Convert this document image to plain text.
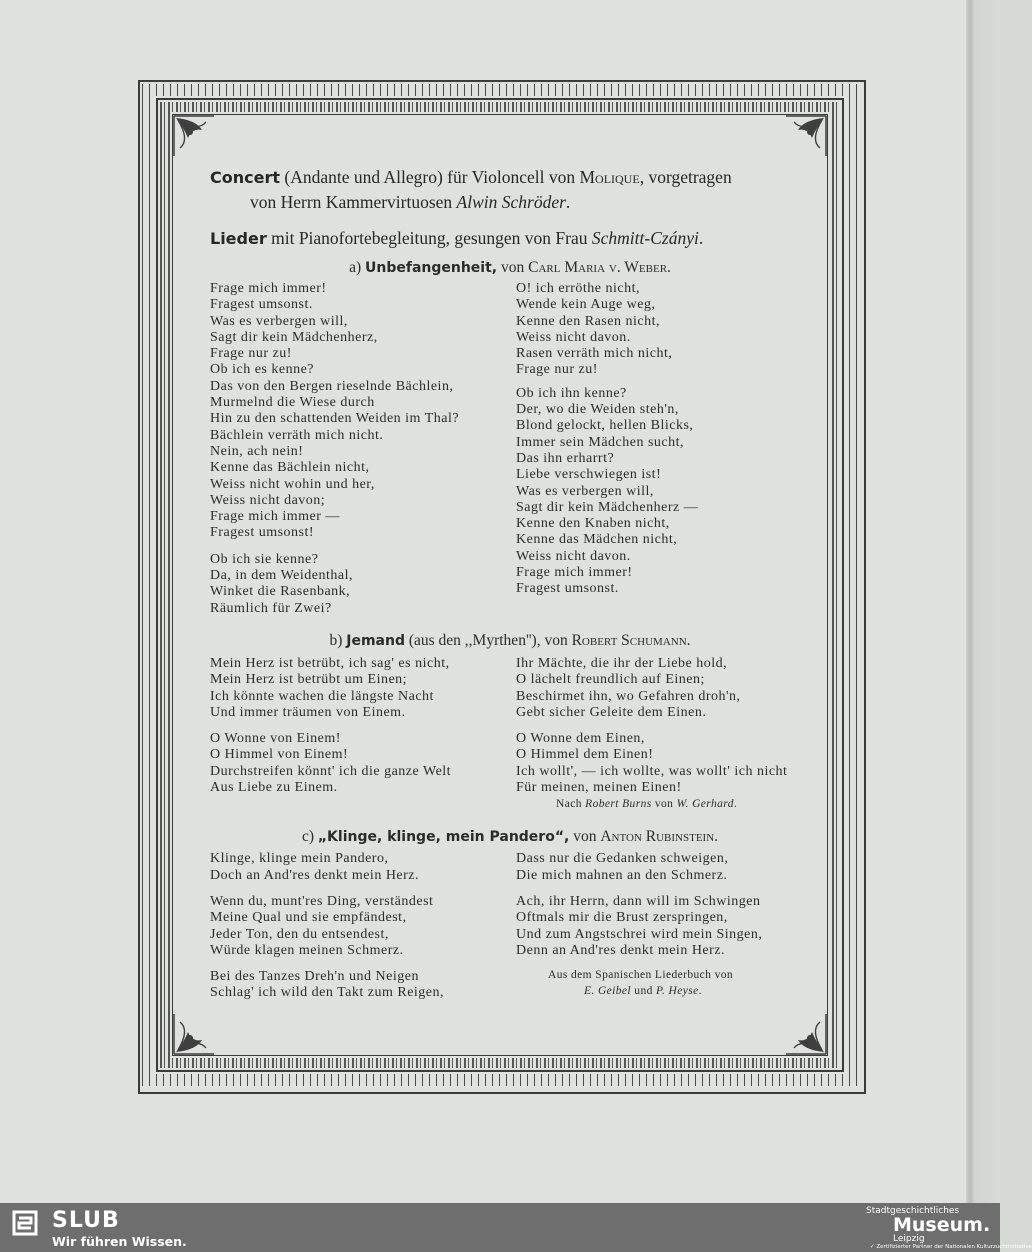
Concert (Andante und Allegro) für Violoncell von Molique, vorgetragen
von Herrn Kammervirtuosen Alwin Schröder.

Lieder mit Pianofortebegleitung, gesungen von Frau Schmitt-Czányi.

a) Unbefangenheit, von Carl Maria v. Weber.

Frage mich immer!
Fragest umsonst.
Was es verbergen will,
Sagt dir kein Mädchenherz,
Frage nur zu!
Ob ich es kenne?
Das von den Bergen rieselnde Bächlein,
Murmelnd die Wiese durch
Hin zu den schattenden Weiden im Thal?
Bächlein verräth mich nicht.
Nein, ach nein!
Kenne das Bächlein nicht,
Weiss nicht wohin und her,
Weiss nicht davon;
Frage mich immer —
Fragest umsonst!
Ob ich sie kenne?
Da, in dem Weidenthal,
Winket die Rasenbank,
Räumlich für Zwei?
O! ich erröthe nicht,
Wende kein Auge weg,
Kenne den Rasen nicht,
Weiss nicht davon.
Rasen verräth mich nicht,
Frage nur zu!
Ob ich ihn kenne?
Der, wo die Weiden steh'n,
Blond gelockt, hellen Blicks,
Immer sein Mädchen sucht,
Das ihn erharrt?
Liebe verschwiegen ist!
Was es verbergen will,
Sagt dir kein Mädchenherz —
Kenne den Knaben nicht,
Kenne das Mädchen nicht,
Weiss nicht davon.
Frage mich immer!
Fragest umsonst.

b) Jemand (aus den ,,Myrthen''), von Robert Schumann.

Mein Herz ist betrübt, ich sag' es nicht,
Mein Herz ist betrübt um Einen;
Ich könnte wachen die längste Nacht
Und immer träumen von Einem.
O Wonne von Einem!
O Himmel von Einem!
Durchstreifen könnt' ich die ganze Welt
Aus Liebe zu Einem.
Ihr Mächte, die ihr der Liebe hold,
O lächelt freundlich auf Einen;
Beschirmet ihn, wo Gefahren droh'n,
Gebt sicher Geleite dem Einen.
O Wonne dem Einen,
O Himmel dem Einen!
Ich wollt', — ich wollte, was wollt' ich nicht
Für meinen, meinen Einen!
Nach Robert Burns von W. Gerhard.

c) „Klinge, klinge, mein Pandero“, von Anton Rubinstein.

Klinge, klinge mein Pandero,
Doch an And'res denkt mein Herz.
Wenn du, munt'res Ding, verständest
Meine Qual und sie empfändest,
Jeder Ton, den du entsendest,
Würde klagen meinen Schmerz.
Bei des Tanzes Dreh'n und Neigen
Schlag' ich wild den Takt zum Reigen,
Dass nur die Gedanken schweigen,
Die mich mahnen an den Schmerz.
Ach, ihr Herrn, dann will im Schwingen
Oftmals mir die Brust zerspringen,
Und zum Angstschrei wird mein Singen,
Denn an And'res denkt mein Herz.
Aus dem Spanischen Liederbuch von
E. Geibel und P. Heyse.
SLUB
Wir führen Wissen.
Stadtgeschichtliches
Museum.
Leipzig
✓ Zertifizierter Partner der Nationalen Kulturzuchtinitiative
